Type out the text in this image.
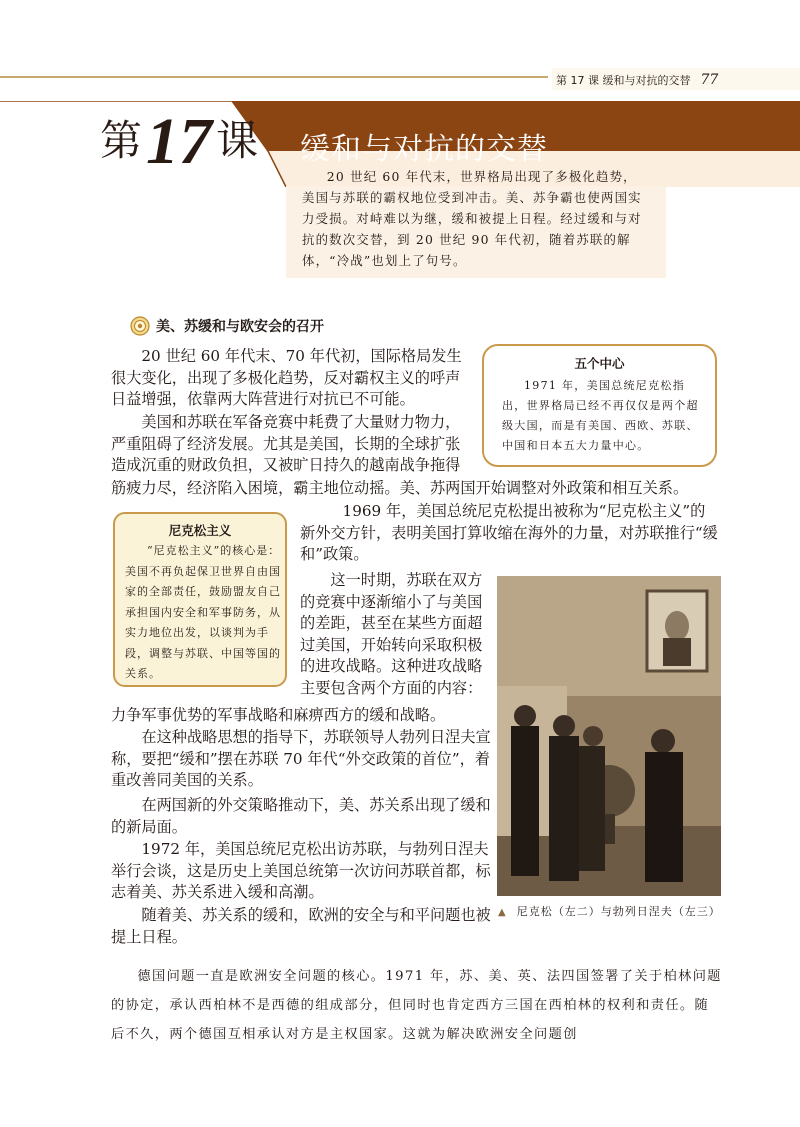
第 17 课 缓和与对抗的交替 77
第17课 缓和与对抗的交替
20 世纪 60 年代末，世界格局出现了多极化趋势，美国与苏联的霸权地位受到冲击。美、苏争霸也使两国实力受损。对峙难以为继，缓和被提上日程。经过缓和与对抗的数次交替，到 20 世纪 90 年代初，随着苏联的解体，“冷战”也划上了句号。
美、苏缓和与欧安会的召开
20 世纪 60 年代末、70 年代初，国际格局发生很大变化，出现了多极化趋势，反对霸权主义的呼声日益增强，依靠两大阵营进行对抗已不可能。
美国和苏联在军备竞赛中耗费了大量财力物力，严重阻碍了经济发展。尤其是美国，长期的全球扩张造成沉重的财政负担，又被旷日持久的越南战争拖得
筋疲力尽，经济陷入困境，霸主地位动摇。美、苏两国开始调整对外政策和相互关系。
五个中心
1971 年，美国总统尼克松指出，世界格局已经不再仅仅是两个超级大国，而是有美国、西欧、苏联、中国和日本五大力量中心。
1969 年，美国总统尼克松提出被称为“尼克松主义”的新外交方针，表明美国打算收缩在海外的力量，对苏联推行“缓和”政策。
尼克松主义
“尼克松主义”的核心是：美国不再负起保卫世界自由国家的全部责任，鼓励盟友自己承担国内安全和军事防务，从实力地位出发，以谈判为手段，调整与苏联、中国等国的关系。
这一时期，苏联在双方的竞赛中逐渐缩小了与美国的差距，甚至在某些方面超过美国，开始转向采取积极的进攻战略。这种进攻战略主要包含两个方面的内容：
力争军事优势的军事战略和麻痹西方的缓和战略。
在这种战略思想的指导下，苏联领导人勃列日涅夫宣称，要把“缓和”摆在苏联 70 年代“外交政策的首位”，着重改善同美国的关系。
在两国新的外交策略推动下，美、苏关系出现了缓和的新局面。
1972 年，美国总统尼克松出访苏联，与勃列日涅夫举行会谈，这是历史上美国总统第一次访问苏联首都，标志着美、苏关系进入缓和高潮。
随着美、苏关系的缓和，欧洲的安全与和平问题也被提上日程。
▲ 尼克松（左二）与勃列日涅夫（左三）
德国问题一直是欧洲安全问题的核心。1971 年，苏、美、英、法四国签署了关于柏林问题的协定，承认西柏林不是西德的组成部分，但同时也肯定西方三国在西柏林的权利和责任。随后不久，两个德国互相承认对方是主权国家。这就为解决欧洲安全问题创
